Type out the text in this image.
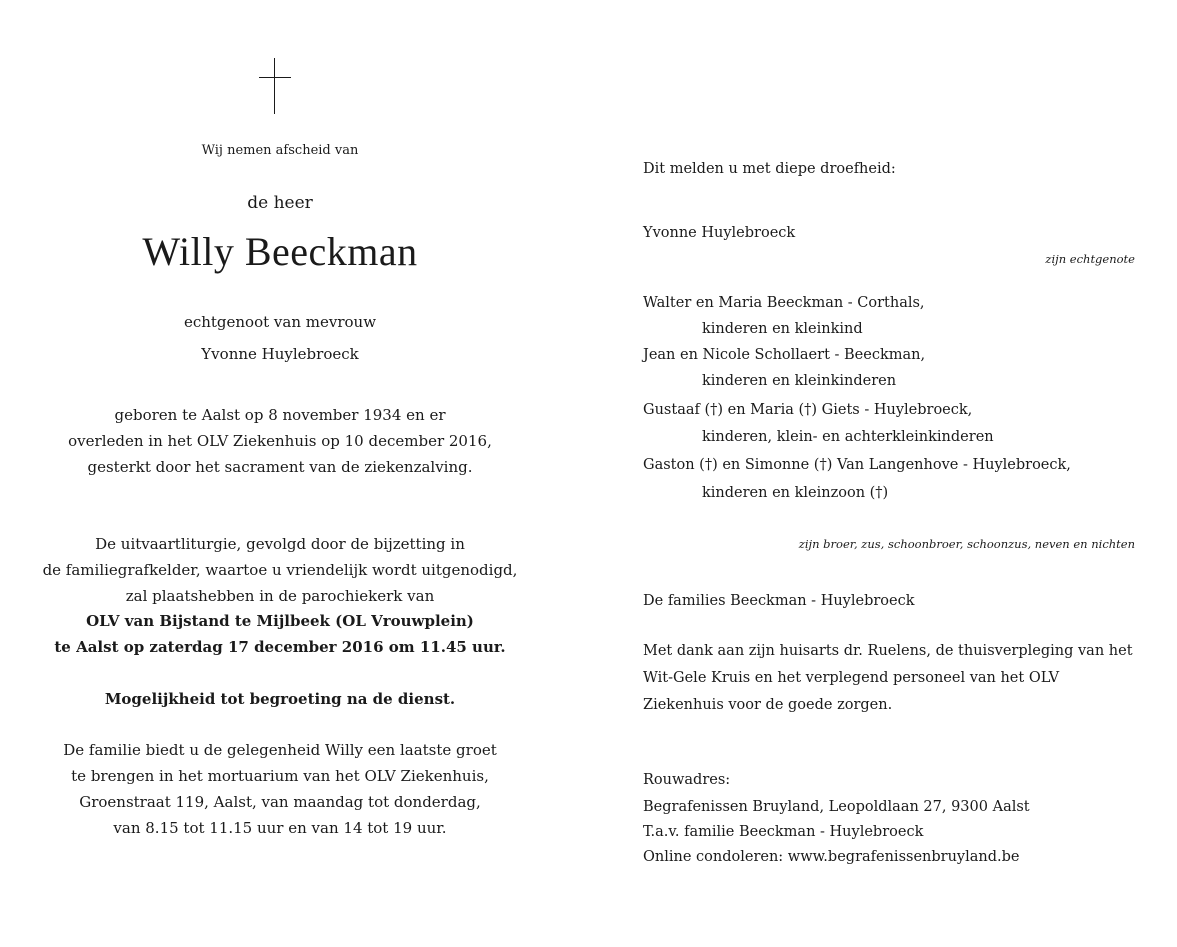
Wij nemen afscheid van
de heer
Willy Beeckman
echtgenoot van mevrouw
Yvonne Huylebroeck
geboren te Aalst op 8 november 1934 en er
overleden in het OLV Ziekenhuis op 10 december 2016,
gesterkt door het sacrament van de ziekenzalving.
De uitvaartliturgie, gevolgd door de bijzetting in
de familiegrafkelder, waartoe u vriendelijk wordt uitgenodigd,
zal plaatshebben in de parochiekerk van
OLV van Bijstand te Mijlbeek (OL Vrouwplein)
te Aalst op zaterdag 17 december 2016 om 11.45 uur.
Mogelijkheid tot begroeting na de dienst.
De familie biedt u de gelegenheid Willy een laatste groet
te brengen in het mortuarium van het OLV Ziekenhuis,
Groenstraat 119, Aalst, van maandag tot donderdag,
van 8.15 tot 11.15 uur en van 14 tot 19 uur.
Dit melden u met diepe droefheid:
Yvonne Huylebroeck
zijn echtgenote
Walter en Maria Beeckman - Corthals,
kinderen en kleinkind
Jean en Nicole Schollaert - Beeckman,
kinderen en kleinkinderen
Gustaaf (†) en Maria (†) Giets - Huylebroeck,
kinderen, klein- en achterkleinkinderen
Gaston (†) en Simonne (†) Van Langenhove - Huylebroeck,
kinderen en kleinzoon (†)
zijn broer, zus, schoonbroer, schoonzus, neven en nichten
De families Beeckman - Huylebroeck
Met dank aan zijn huisarts dr. Ruelens, de thuisverpleging van het Wit-Gele Kruis en het verplegend personeel van het OLV Ziekenhuis voor de goede zorgen.
Rouwadres:
Begrafenissen Bruyland, Leopoldlaan 27, 9300 Aalst
T.a.v. familie Beeckman - Huylebroeck
Online condoleren: www.begrafenissenbruyland.be
